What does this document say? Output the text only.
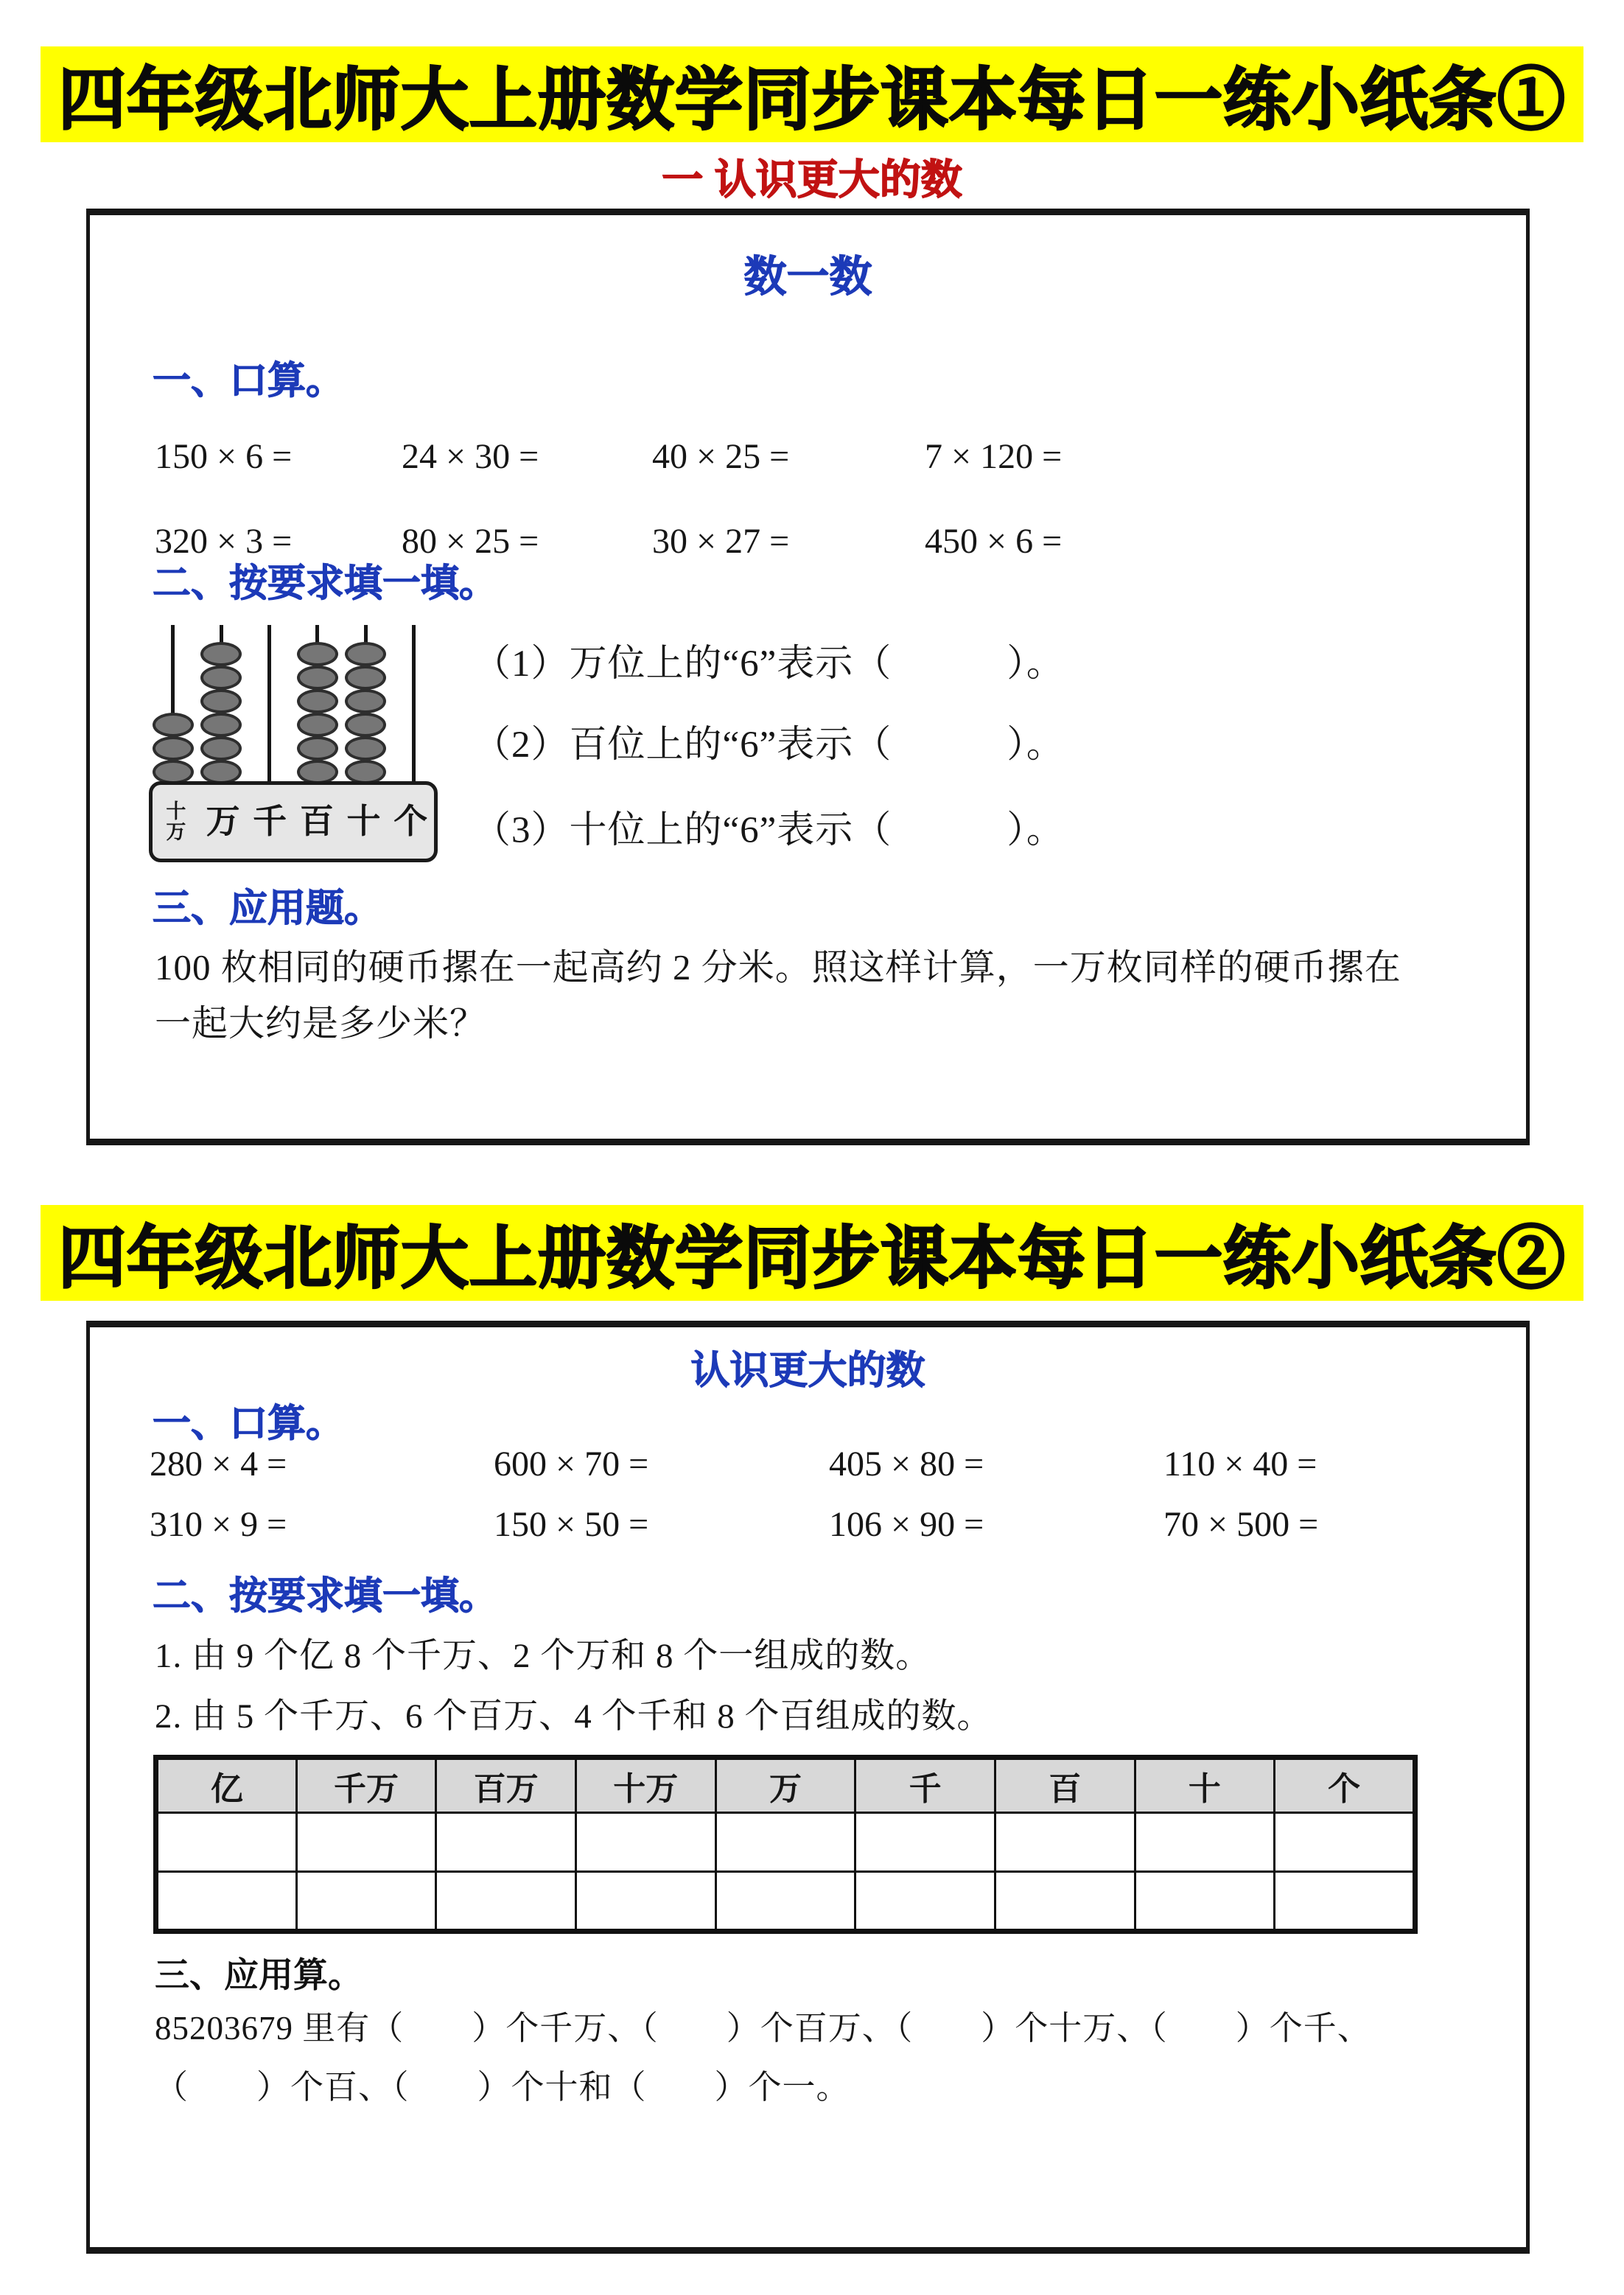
四年级北师大上册数学同步课本每日一练小纸条①
一 认识更大的数
数一数
一、口算。
150 × 6 =	24 × 30 =	40 × 25 =	7 × 120 =
320 × 3 =	80 × 25 =	30 × 27 =	450 × 6 =
二、按要求填一填。
十
万 万 千 百 十 个
（1）万位上的“6”表示（　　　）。
（2）百位上的“6”表示（　　　）。
（3）十位上的“6”表示（　　　）。
三、应用题。
100 枚相同的硬币摞在一起高约 2 分米。照这样计算，一万枚同样的硬币摞在
一起大约是多少米？
四年级北师大上册数学同步课本每日一练小纸条②
认识更大的数
一、口算。
280 × 4 =	600 × 70 =	405 × 80 =	110 × 40 =
310 × 9 =	150 × 50 =	106 × 90 =	70 × 500 =
二、按要求填一填。
1. 由 9 个亿 8 个千万、2 个万和 8 个一组成的数。
2. 由 5 个千万、6 个百万、4 个千和 8 个百组成的数。
亿	千万	百万	十万	万	千	百	十	个

三、应用算。
85203679 里有（　　）个千万、（　　）个百万、（　　）个十万、（　　）个千、
（　　）个百、（　　）个十和（　　）个一。
